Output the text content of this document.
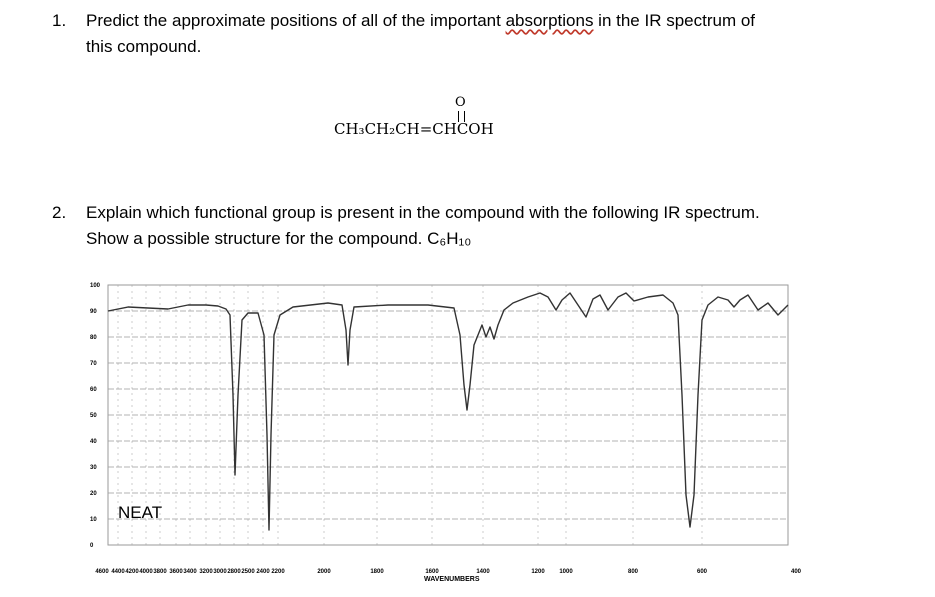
1. Predict the approximate positions of all of the important absorptions in the IR spectrum of
this compound.
O
CH₃CH₂CH=CHCOH
2. Explain which functional group is present in the compound with the following IR spectrum.
Show a possible structure for the compound. C₆H₁₀
100
90
80
70
60
50
40
30
20
10
0
4600 4400 4200 4000 3800 3600 3400 3200 3000 2800 2500 2400 2200	2000	1800	1600	1400	1200 1000	800	600	400
NEAT
WAVENUMBERS
